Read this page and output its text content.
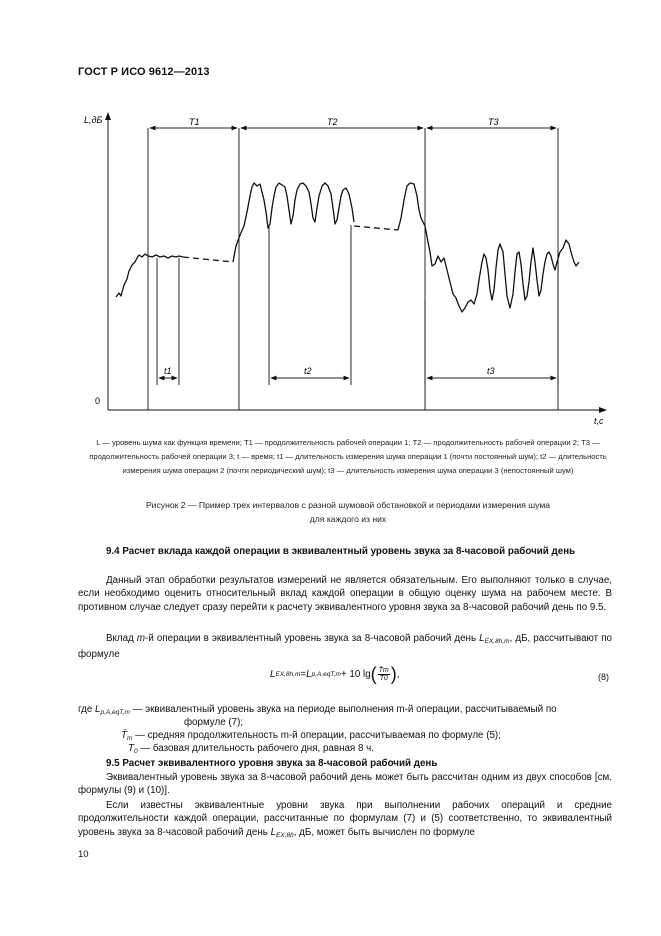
ГОСТ Р ИСО 9612—2013
L,дБ
t,с
0
T1	T2	T3
t1	t2	t3
L — уровень шума как функция времени; T1 — продолжительность рабочей операции 1; T2 — продолжительность рабочей операции 2; T3 — продолжительность рабочей операции 3; t — время; t1 — длительность измерения шума операции 1 (почти постоянный шум); t2 — длительность измерения шума операции 2 (почти периодический шум); t3 — длительность измерения шума операции 3 (непостоянный шум)
Рисунок 2 — Пример трех интервалов с разной шумовой обстановкой и периодами измерения шума
для каждого из них
9.4 Расчет вклада каждой операции в эквивалентный уровень звука за 8-часовой рабочий день
Данный этап обработки результатов измерений не является обязательным. Его выполняют только в случае, если необходимо оценить относительный вклад каждой операции в общую оценку шума на рабочем месте. В противном случае следует сразу перейти к расчету эквивалентного уровня звука за 8-часовой рабочий день по 9.5.
Вклад m-й операции в эквивалентный уровень звука за 8-часовой рабочий день $L_{EX,8h,m}$, дБ, рассчитывают по формуле
L EX,8h,m = L p,A,eqT,m + 10 lg ( $\frac{T̄m}{T0}$ ) ,	(8)
где $L_{p,A,eqT,m}$ — эквивалентный уровень звука на периоде выполнения m-й операции, рассчитываемый по
формуле (7);
$T̄_m$ — средняя продолжительность m-й операции, рассчитываемая по формуле (5);
$T_0$ — базовая длительность рабочего дня, равная 8 ч.
9.5 Расчет эквивалентного уровня звука за 8-часовой рабочий день
Эквивалентный уровень звука за 8-часовой рабочий день может быть рассчитан одним из двух способов [см. формулы (9) и (10)].
Если известны эквивалентные уровни звука при выполнении рабочих операций и средние продолжительности каждой операции, рассчитанные по формулам (7) и (5) соответственно, то эквивалентный уровень звука за 8-часовой рабочий день $L_{EX,8h}$, дБ, может быть вычислен по формуле
10
